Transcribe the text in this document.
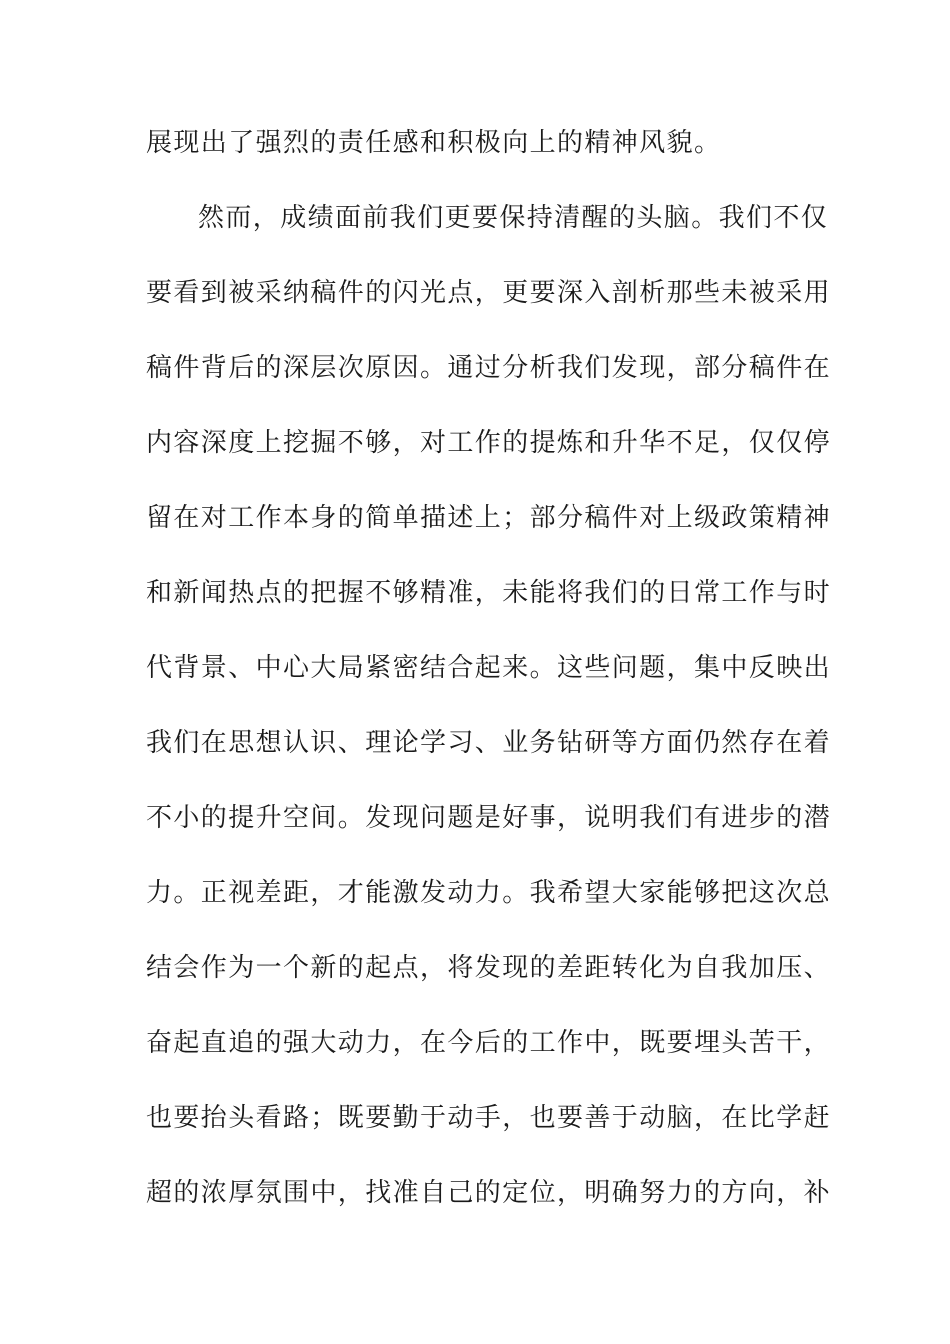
展现出了强烈的责任感和积极向上的精神风貌。

然而，成绩面前我们更要保持清醒的头脑。我们不仅

要看到被采纳稿件的闪光点，更要深入剖析那些未被采用

稿件背后的深层次原因。通过分析我们发现，部分稿件在

内容深度上挖掘不够，对工作的提炼和升华不足，仅仅停

留在对工作本身的简单描述上；部分稿件对上级政策精神

和新闻热点的把握不够精准，未能将我们的日常工作与时

代背景、中心大局紧密结合起来。这些问题，集中反映出

我们在思想认识、理论学习、业务钻研等方面仍然存在着

不小的提升空间。发现问题是好事，说明我们有进步的潜

力。正视差距，才能激发动力。我希望大家能够把这次总

结会作为一个新的起点，将发现的差距转化为自我加压、

奋起直追的强大动力，在今后的工作中，既要埋头苦干，

也要抬头看路；既要勤于动手，也要善于动脑，在比学赶

超的浓厚氛围中，找准自己的定位，明确努力的方向，补
